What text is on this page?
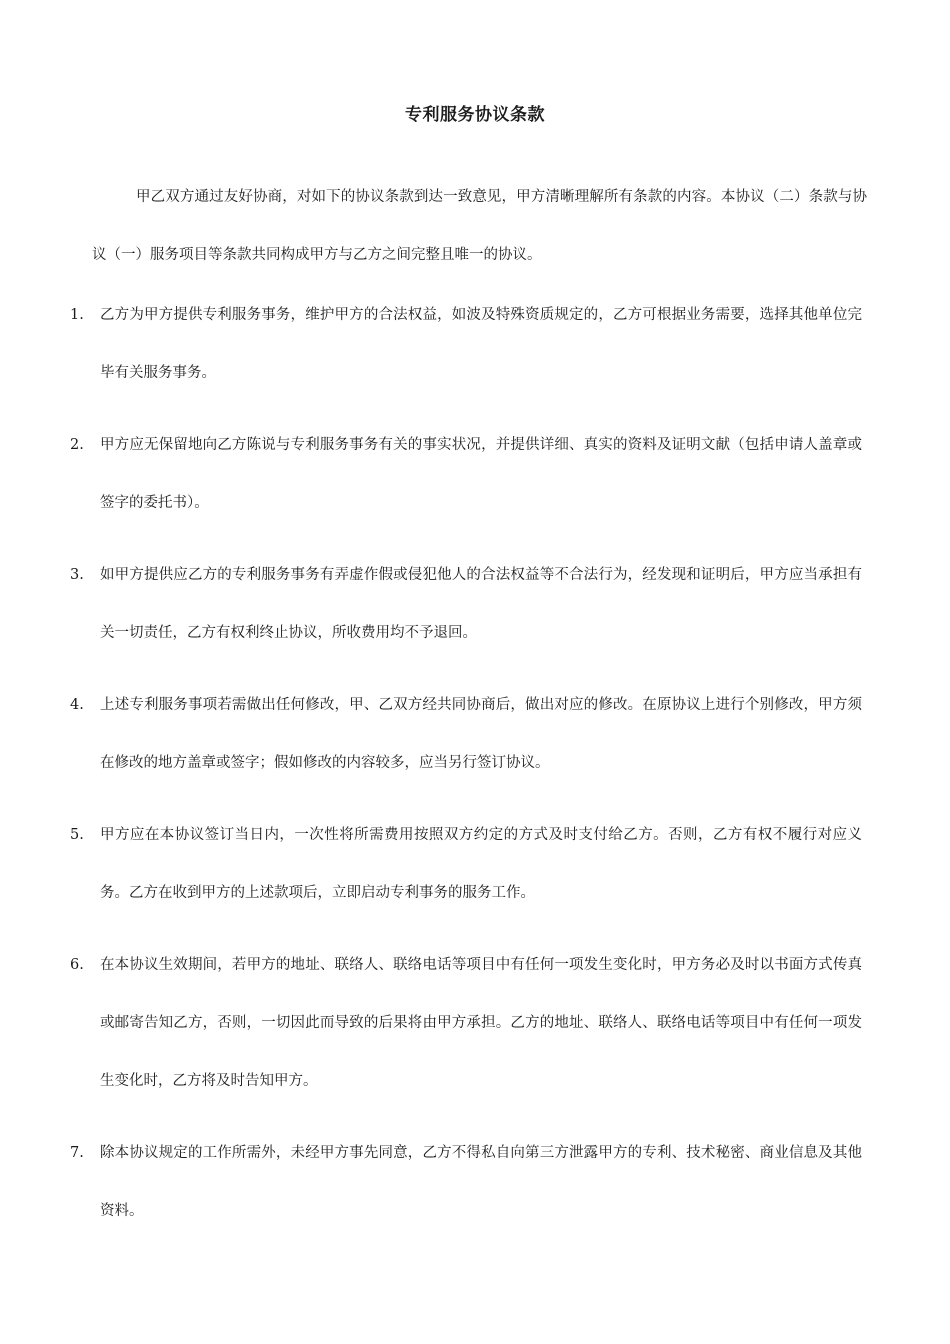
专利服务协议条款

甲乙双方通过友好协商，对如下的协议条款到达一致意见，甲方清晰理解所有条款的内容。本协议（二）条款与协议（一）服务项目等条款共同构成甲方与乙方之间完整且唯一的协议。

1.	乙方为甲方提供专利服务事务，维护甲方的合法权益，如波及特殊资质规定的，乙方可根据业务需要，选择其他单位完毕有关服务事务。
2.	甲方应无保留地向乙方陈说与专利服务事务有关的事实状况，并提供详细、真实的资料及证明文献（包括申请人盖章或签字的委托书）。
3.	如甲方提供应乙方的专利服务事务有弄虚作假或侵犯他人的合法权益等不合法行为，经发现和证明后，甲方应当承担有关一切责任，乙方有权利终止协议，所收费用均不予退回。
4.	上述专利服务事项若需做出任何修改，甲、乙双方经共同协商后，做出对应的修改。在原协议上进行个别修改，甲方须在修改的地方盖章或签字；假如修改的内容较多，应当另行签订协议。
5.	甲方应在本协议签订当日内，一次性将所需费用按照双方约定的方式及时支付给乙方。否则，乙方有权不履行对应义务。乙方在收到甲方的上述款项后，立即启动专利事务的服务工作。
6.	在本协议生效期间，若甲方的地址、联络人、联络电话等项目中有任何一项发生变化时，甲方务必及时以书面方式传真或邮寄告知乙方，否则，一切因此而导致的后果将由甲方承担。乙方的地址、联络人、联络电话等项目中有任何一项发生变化时，乙方将及时告知甲方。
7.	除本协议规定的工作所需外，未经甲方事先同意，乙方不得私自向第三方泄露甲方的专利、技术秘密、商业信息及其他资料。
